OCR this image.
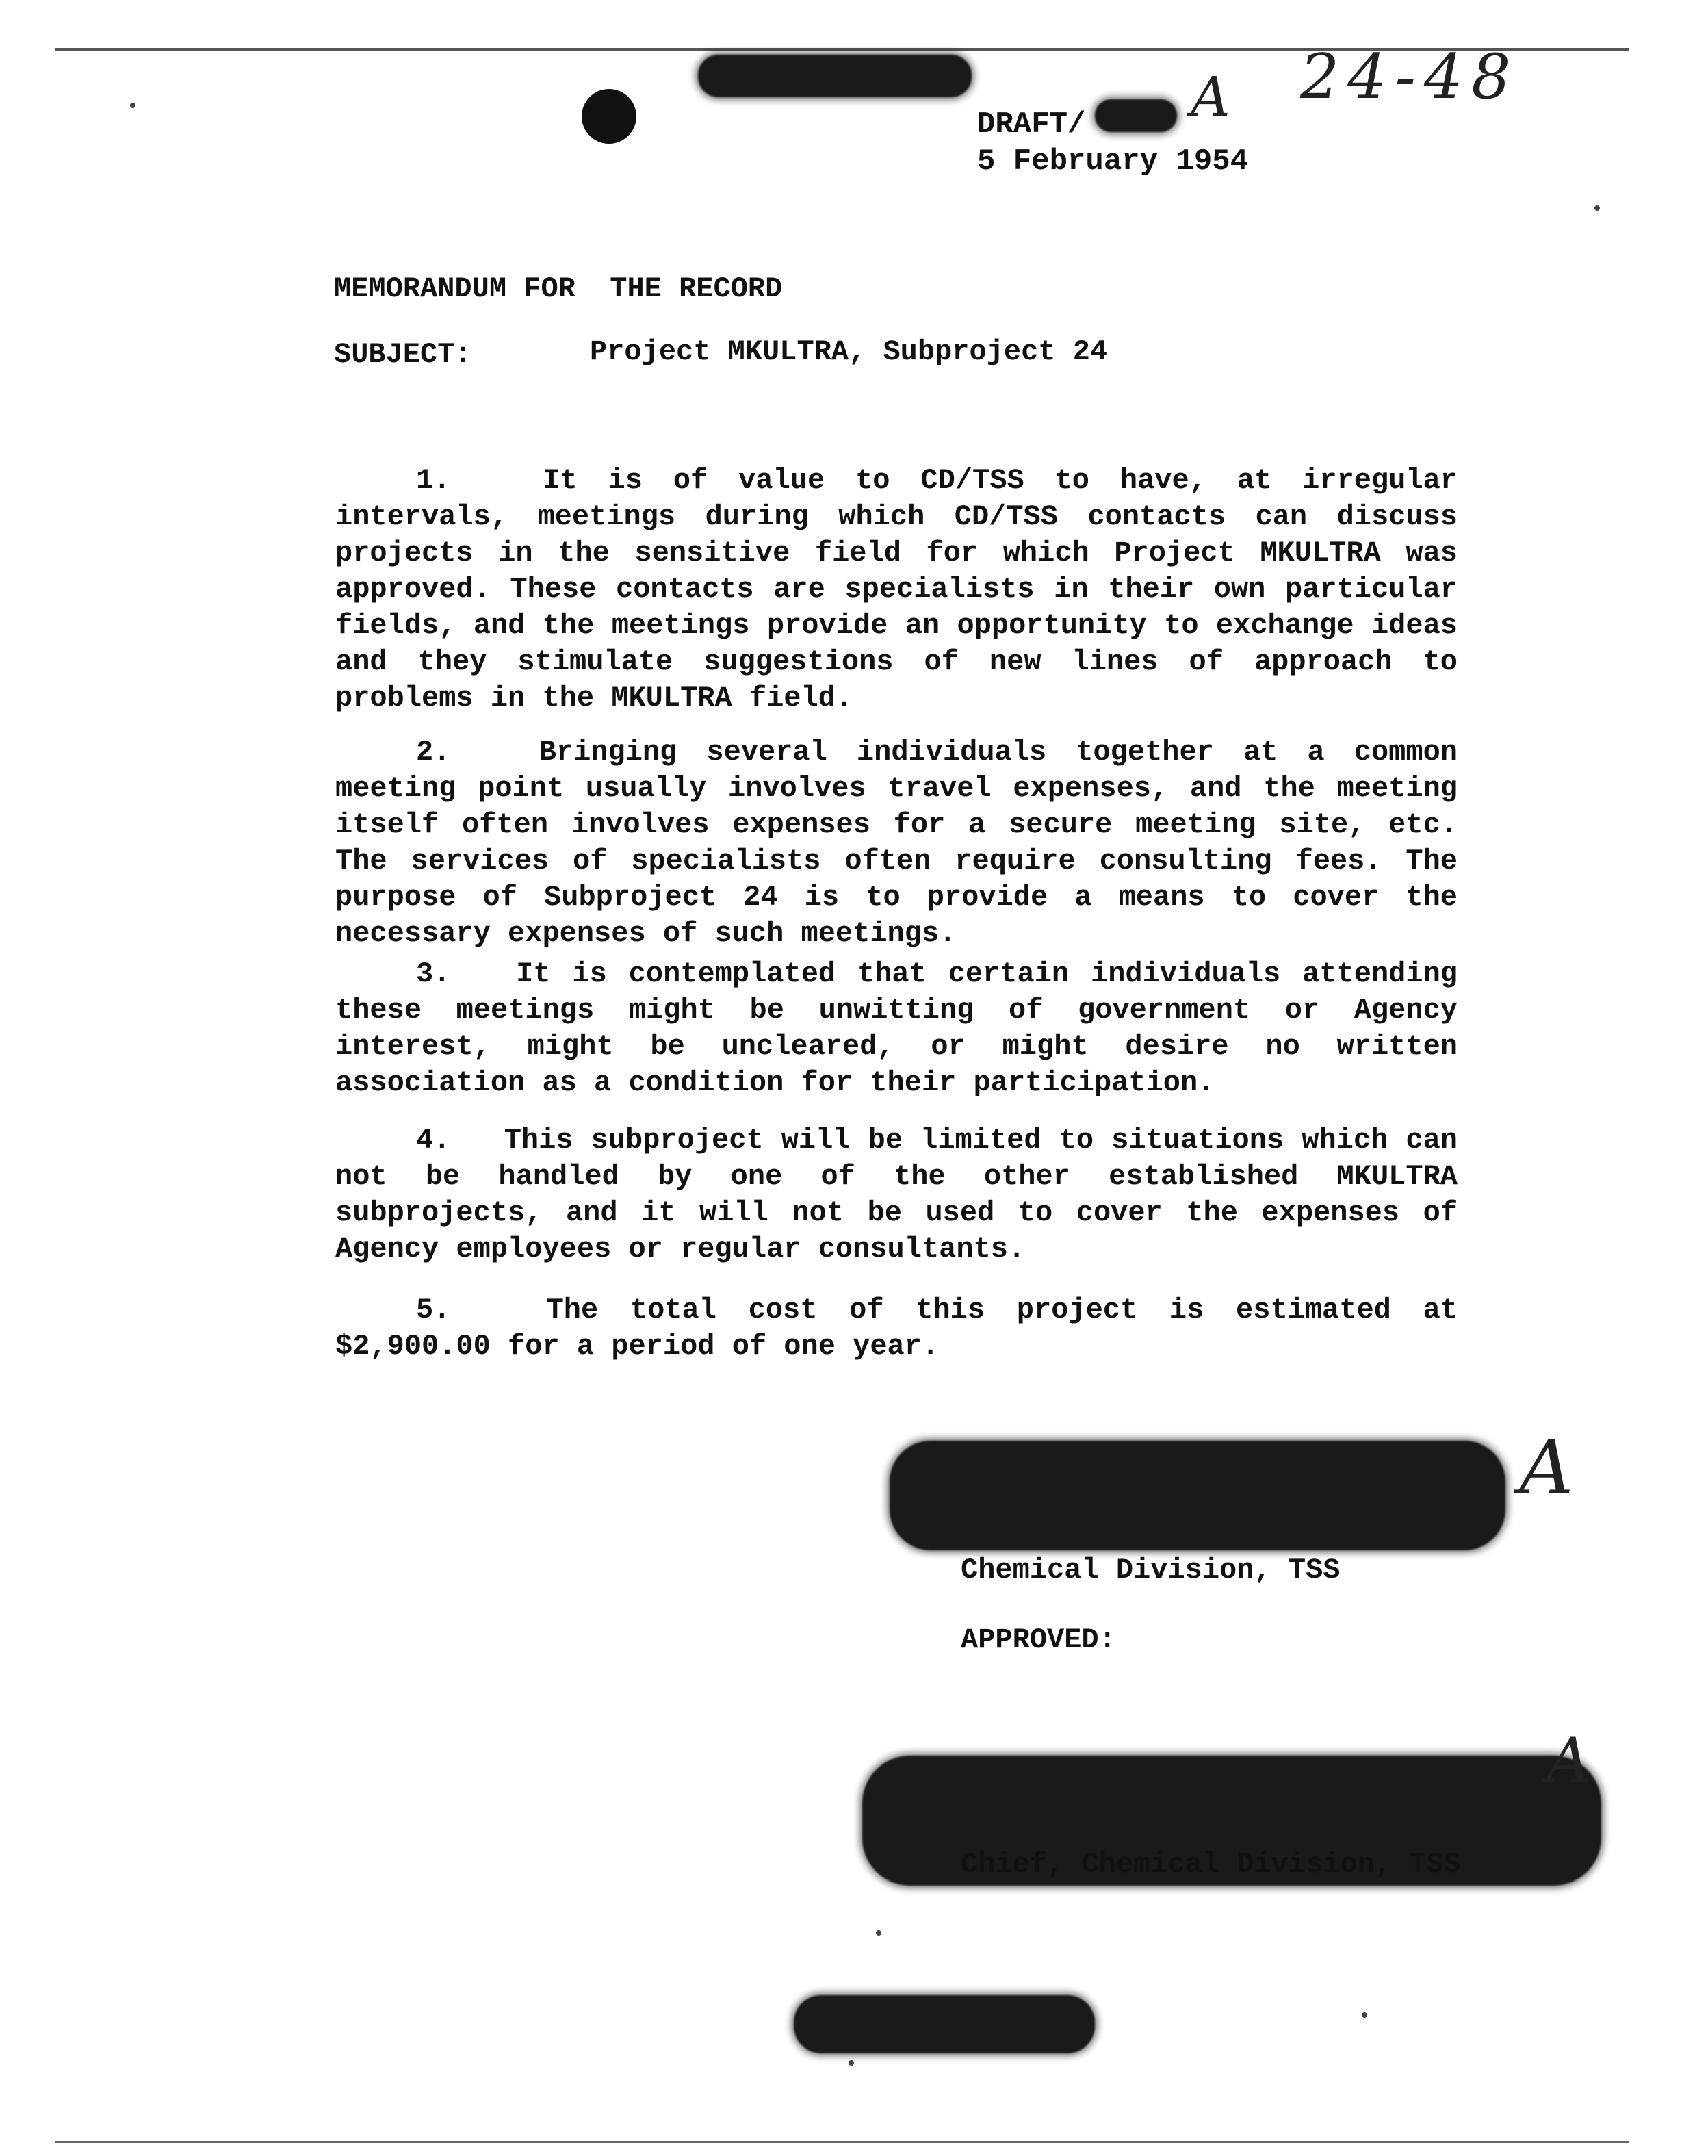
24-48
A
A
A
DRAFT/
5 February 1954
MEMORANDUM FOR  THE RECORD
SUBJECT:	Project MKULTRA, Subproject 24

1.	It is of value to CD/TSS to have, at irregular intervals, meetings during which CD/TSS contacts can discuss projects in the sensitive field for which Project MKULTRA was approved. These contacts are specialists in their own particular fields, and the meetings provide an opportunity to exchange ideas and they stimulate suggestions of new lines of approach to problems in the MKULTRA field.

2.	Bringing several individuals together at a common meeting point usually involves travel expenses, and the meeting itself often involves expenses for a secure meeting site, etc. The services of specialists often require consulting fees. The purpose of Subproject 24 is to provide a means to cover the necessary expenses of such meetings.

3. It is contemplated that certain individuals attending these meetings might be unwitting of government or Agency interest, might be uncleared, or might desire no written association as a condition for their participation.

4. This subproject will be limited to situations which can not be handled by one of the other established MKULTRA subprojects, and it will not be used to cover the expenses of Agency employees or regular consultants.

5.	The total cost of this project is estimated at $2,900.00 for a period of one year.

Chemical Division, TSS
APPROVED:
Chief, Chemical Division, TSS
